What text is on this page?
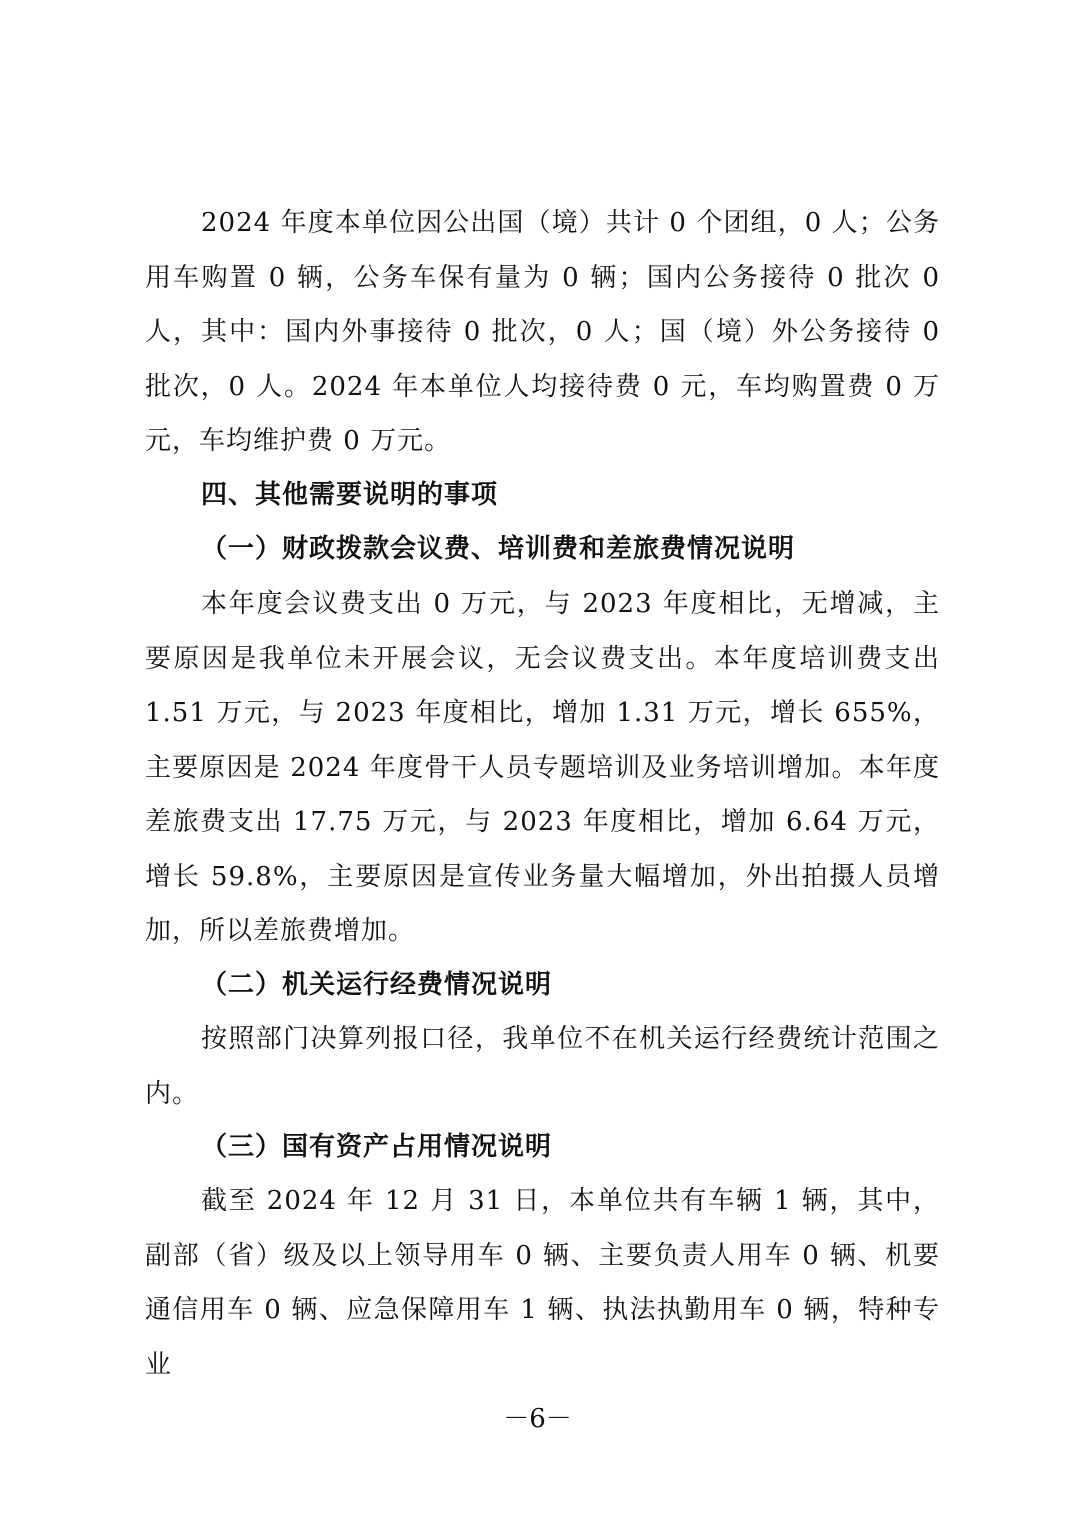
2024 年度本单位因公出国（境）共计 0 个团组，0 人；公务用车购置 0 辆，公务车保有量为 0 辆；国内公务接待 0 批次 0 人，其中：国内外事接待 0 批次，0 人；国（境）外公务接待 0 批次，0 人。2024 年本单位人均接待费 0 元，车均购置费 0 万元，车均维护费 0 万元。

四、其他需要说明的事项

（一）财政拨款会议费、培训费和差旅费情况说明

本年度会议费支出 0 万元，与 2023 年度相比，无增减，主要原因是我单位未开展会议，无会议费支出。本年度培训费支出 1.51 万元，与 2023 年度相比，增加 1.31 万元，增长 655%，主要原因是 2024 年度骨干人员专题培训及业务培训增加。本年度差旅费支出 17.75 万元，与 2023 年度相比，增加 6.64 万元，增长 59.8%，主要原因是宣传业务量大幅增加，外出拍摄人员增加，所以差旅费增加。

（二）机关运行经费情况说明

按照部门决算列报口径，我单位不在机关运行经费统计范围之内。

（三）国有资产占用情况说明

截至 2024 年 12 月 31 日，本单位共有车辆 1 辆，其中，副部（省）级及以上领导用车 0 辆、主要负责人用车 0 辆、机要通信用车 0 辆、应急保障用车 1 辆、执法执勤用车 0 辆，特种专业

－6－
